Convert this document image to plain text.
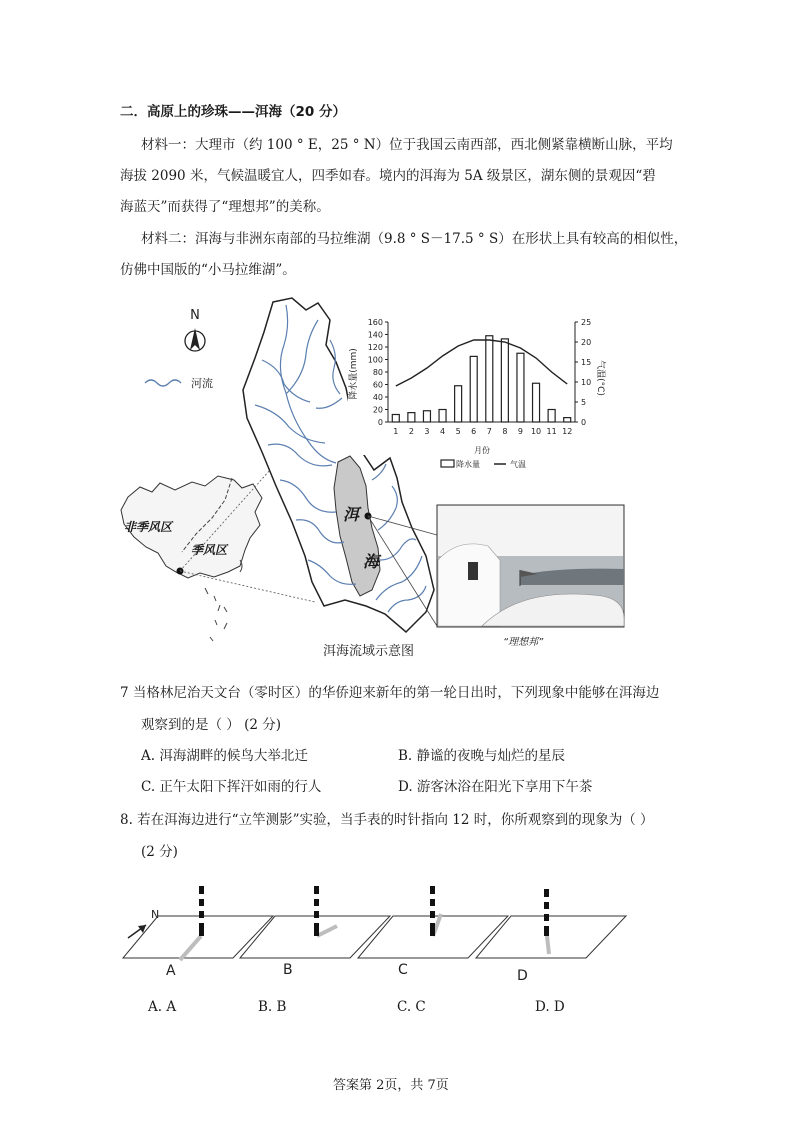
二．高原上的珍珠——洱海（20 分）
材料一：大理市（约 100 ° E，25 ° N）位于我国云南西部，西北侧紧靠横断山脉，平均
海拔 2090 米，气候温暖宜人，四季如春。境内的洱海为 5A 级景区，湖东侧的景观因“碧
海蓝天”而获得了“理想邦”的美称。
材料二：洱海与非洲东南部的马拉维湖（9.8 ° S－17.5 ° S）在形状上具有较高的相似性，
仿佛中国版的“小马拉维湖”。
N
河流
非季风区
季风区
洱
海
洱海流域示意图
“理想邦”
0
20
40
60
80
100
120
140
160
0
5
10
15
20
25
1 2 3 4 5 6 7 8 9 10 11 12
降水量(mm)	气温(°C)
月份
降水量	气温
7 当格林尼治天文台（零时区）的华侨迎来新年的第一轮日出时，下列现象中能够在洱海边
观察到的是（ ） (2 分)
A. 洱海湖畔的候鸟大举北迁	B. 静谧的夜晚与灿烂的星辰
C. 正午太阳下挥汗如雨的行人	D. 游客沐浴在阳光下享用下午茶
8. 若在洱海边进行“立竿测影”实验，当手表的时针指向 12 时，你所观察到的现象为（ ）
(2 分)
N
A	B	C	D
A. A	B. B	C. C	D. D
答案第 2页，共 7页
